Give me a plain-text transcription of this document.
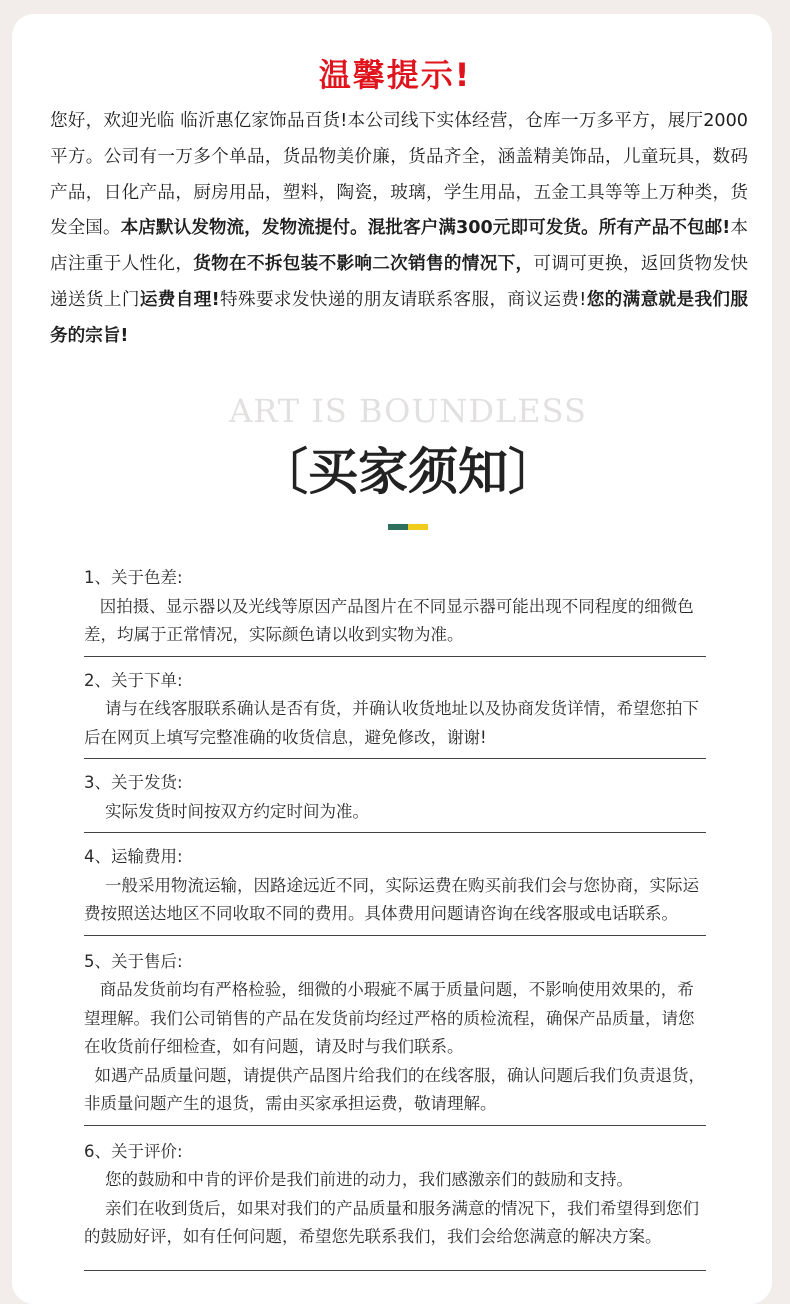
温馨提示!
您好，欢迎光临 临沂惠亿家饰品百货!本公司线下实体经营，仓库一万多平方，展厅2000平方。公司有一万多个单品，货品物美价廉，货品齐全，涵盖精美饰品，儿童玩具，数码产品，日化产品，厨房用品，塑料，陶瓷，玻璃，学生用品，五金工具等等上万种类，货发全国。本店默认发物流，发物流提付。混批客户满300元即可发货。所有产品不包邮!本店注重于人性化，货物在不拆包装不影响二次销售的情况下，可调可更换，返回货物发快递送货上门运费自理!特殊要求发快递的朋友请联系客服，商议运费!您的满意就是我们服务的宗旨!
ART IS BOUNDLESS
〔买家须知〕

1、关于色差:

因拍摄、显示器以及光线等原因产品图片在不同显示器可能出现不同程度的细微色差，均属于正常情况，实际颜色请以收到实物为准。

2、关于下单:

请与在线客服联系确认是否有货，并确认收货地址以及协商发货详情，希望您拍下后在网页上填写完整准确的收货信息，避免修改，谢谢!

3、关于发货:

实际发货时间按双方约定时间为准。

4、运输费用:

一般采用物流运输，因路途远近不同，实际运费在购买前我们会与您协商，实际运费按照送达地区不同收取不同的费用。具体费用问题请咨询在线客服或电话联系。

5、关于售后:

商品发货前均有严格检验，细微的小瑕疵不属于质量问题，不影响使用效果的，希望理解。我们公司销售的产品在发货前均经过严格的质检流程，确保产品质量，请您在收货前仔细检查，如有问题，请及时与我们联系。

如遇产品质量问题，请提供产品图片给我们的在线客服，确认问题后我们负责退货，非质量问题产生的退货，需由买家承担运费，敬请理解。

6、关于评价:

您的鼓励和中肯的评价是我们前进的动力，我们感激亲们的鼓励和支持。

亲们在收到货后，如果对我们的产品质量和服务满意的情况下，我们希望得到您们的鼓励好评，如有任何问题，希望您先联系我们，我们会给您满意的解决方案。
